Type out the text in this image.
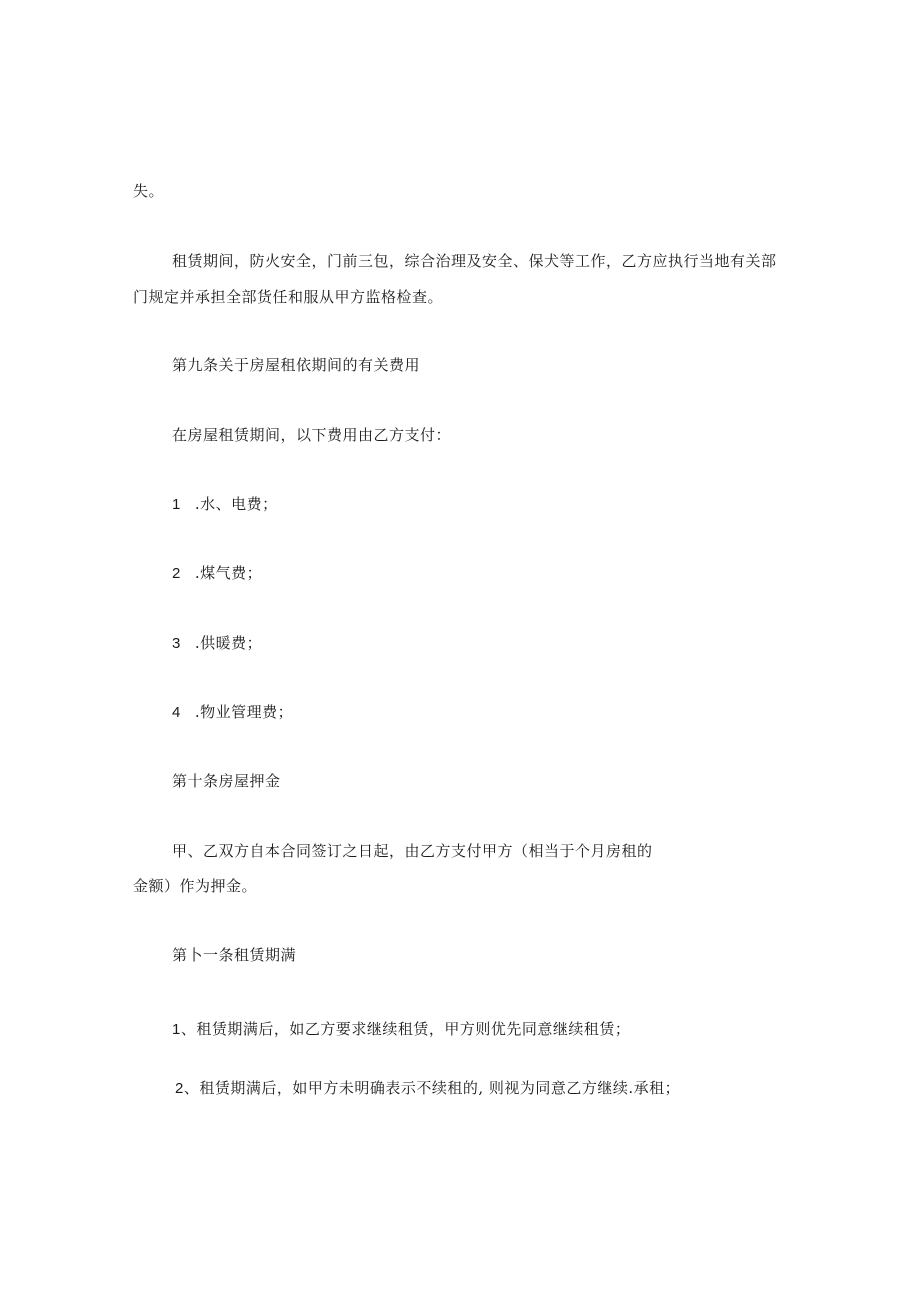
失。
租赁期间，防火安全，门前三包，综合治理及安全、保犬等工作，乙方应执行当地有关部
门规定并承担全部货任和服从甲方监格检查。
第九条关于房屋租依期间的有关费用
在房屋租赁期间，以下费用由乙方支付：
1 .水、电费；
2 .煤气费；
3 .供暖费；
4 .物业管理费；
第十条房屋押金
甲、乙双方自本合同签订之日起，由乙方支付甲方（相当于个月房租的
金额）作为押金。
第卜一条租赁期满
1、租赁期满后，如乙方要求继续租赁，甲方则优先同意继续租赁；
2、租赁期满后，如甲方未明确表示不续租的, 则视为同意乙方继续.承租；
